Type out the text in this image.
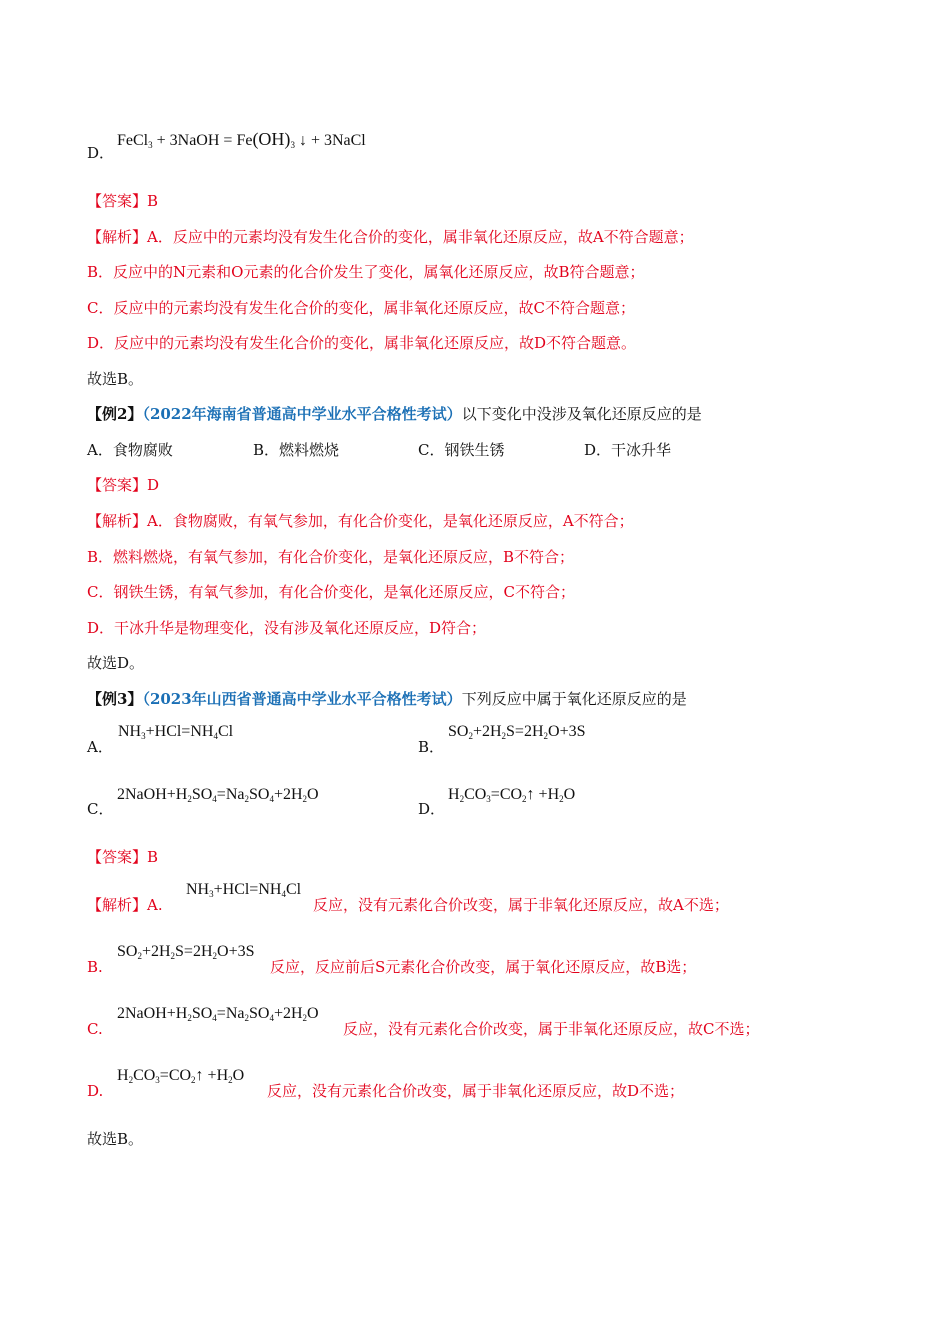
D．
FeCl$_3$ + 3NaOH = $Fe(OH)_3$ ↓ + 3NaCl
【答案】B
【解析】A．反应中的元素均没有发生化合价的变化，属非氧化还原反应，故A不符合题意；
B．反应中的N元素和O元素的化合价发生了变化，属氧化还原反应，故B符合题意；
C．反应中的元素均没有发生化合价的变化，属非氧化还原反应，故C不符合题意；
D．反应中的元素均没有发生化合价的变化，属非氧化还原反应，故D不符合题意。
故选B。
【例2】（2022年海南省普通高中学业水平合格性考试）以下变化中没涉及氧化还原反应的是
A．食物腐败	B．燃料燃烧	C．钢铁生锈	D．干冰升华
【答案】D
【解析】A．食物腐败，有氧气参加，有化合价变化，是氧化还原反应，A不符合；
B．燃料燃烧，有氧气参加，有化合价变化，是氧化还原反应，B不符合；
C．钢铁生锈，有氧气参加，有化合价变化，是氧化还原反应，C不符合；
D．干冰升华是物理变化，没有涉及氧化还原反应，D符合；
故选D。
【例3】（2023年山西省普通高中学业水平合格性考试）下列反应中属于氧化还原反应的是
A．
$NH_3+HCl=NH_4Cl$
B．
$SO_2+2H_2S=2H_2O+3S$
C．
$2NaOH+H_2SO_4=Na_2SO_4+2H_2O$
D．
$H_2CO_3=CO_2↑ +H_2O$
【答案】B
【解析】A.
$NH_3+HCl=NH_4Cl$
反应，没有元素化合价改变，属于非氧化还原反应，故A不选；
B.
$SO_2+2H_2S=2H_2O+3S$
反应，反应前后S元素化合价改变，属于氧化还原反应，故B选；
C.
$2NaOH+H_2SO_4=Na_2SO_4+2H_2O$
反应，没有元素化合价改变，属于非氧化还原反应，故C不选；
D.
$H_2CO_3=CO_2↑ +H_2O$
反应，没有元素化合价改变，属于非氧化还原反应，故D不选；
故选B。
